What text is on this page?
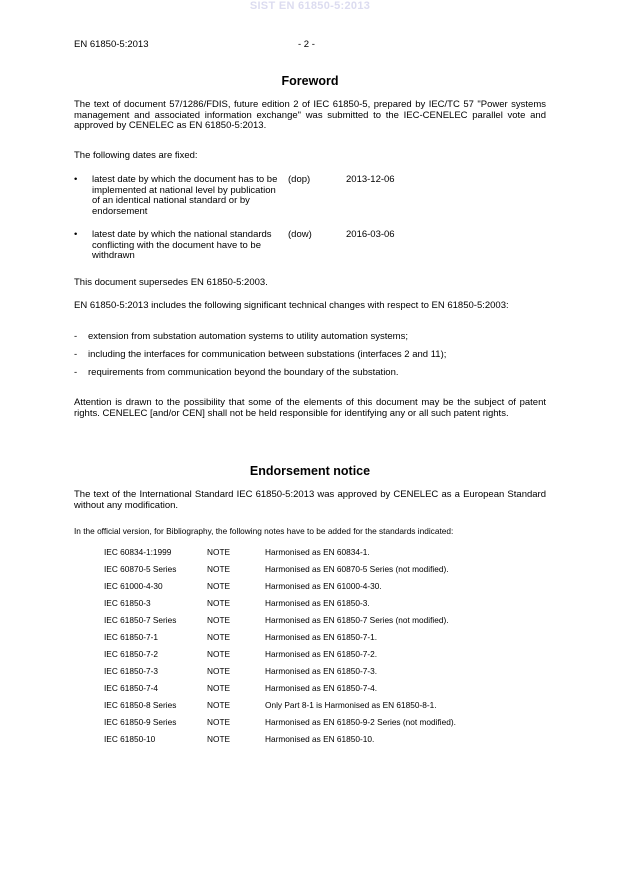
SIST EN 61850-5:2013
EN 61850-5:2013	- 2 -
Foreword
The text of document 57/1286/FDIS, future edition 2 of IEC 61850-5, prepared by IEC/TC 57 "Power systems management and associated information exchange" was submitted to the IEC-CENELEC parallel vote and approved by CENELEC as EN 61850-5:2013.
The following dates are fixed:
• latest date by which the document has to be implemented at national level by publication of an identical national standard or by endorsement
(dop)	2013-12-06
• latest date by which the national standards conflicting with the document have to be withdrawn
(dow)	2016-03-06
This document supersedes EN 61850-5:2003.
EN 61850-5:2013 includes the following significant technical changes with respect to EN 61850-5:2003:
- extension from substation automation systems to utility automation systems;
- including the interfaces for communication between substations (interfaces 2 and 11);
- requirements from communication beyond the boundary of the substation.
Attention is drawn to the possibility that some of the elements of this document may be the subject of patent rights. CENELEC [and/or CEN] shall not be held responsible for identifying any or all such patent rights.
Endorsement notice
The text of the International Standard IEC 61850-5:2013 was approved by CENELEC as a European Standard without any modification.
In the official version, for Bibliography, the following notes have to be added for the standards indicated:
IEC 60834-1:1999	NOTE	Harmonised as EN 60834-1.
IEC 60870-5 Series	NOTE	Harmonised as EN 60870-5 Series (not modified).
IEC 61000-4-30	NOTE	Harmonised as EN 61000-4-30.
IEC 61850-3	NOTE	Harmonised as EN 61850-3.
IEC 61850-7 Series	NOTE	Harmonised as EN 61850-7 Series (not modified).
IEC 61850-7-1	NOTE	Harmonised as EN 61850-7-1.
IEC 61850-7-2	NOTE	Harmonised as EN 61850-7-2.
IEC 61850-7-3	NOTE	Harmonised as EN 61850-7-3.
IEC 61850-7-4	NOTE	Harmonised as EN 61850-7-4.
IEC 61850-8 Series	NOTE	Only Part 8-1 is Harmonised as EN 61850-8-1.
IEC 61850-9 Series	NOTE	Harmonised as EN 61850-9-2 Series (not modified).
IEC 61850-10	NOTE	Harmonised as EN 61850-10.
